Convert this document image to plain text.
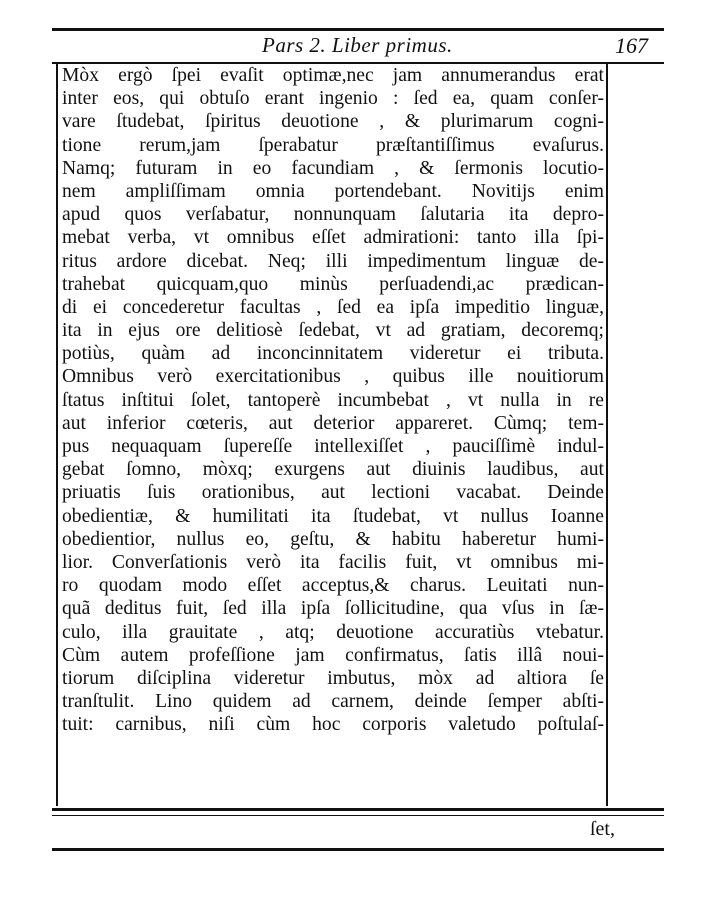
Pars 2. Liber primus.	167
Mòx ergò ſpei evaſit optimæ,nec jam annumerandus erat
inter eos, qui obtuſo erant ingenio : ſed ea, quam conſer-
vare ſtudebat, ſpiritus deuotione , & plurimarum cogni-
tione rerum,jam ſperabatur præſtantiſſimus evaſurus.
Namq; futuram in eo facundiam , & ſermonis locutio-
nem ampliſſimam omnia portendebant. Novitijs enim
apud quos verſabatur, nonnunquam ſalutaria ita depro-
mebat verba, vt omnibus eſſet admirationi: tanto illa ſpi-
ritus ardore dicebat. Neq; illi impedimentum linguæ de-
trahebat quicquam,quo minùs perſuadendi,ac prædican-
di ei concederetur facultas , ſed ea ipſa impeditio linguæ,
ita in ejus ore delitiosè ſedebat, vt ad gratiam, decoremq;
potiùs, quàm ad inconcinnitatem videretur ei tributa.
Omnibus verò exercitationibus , quibus ille nouitiorum
ſtatus inſtitui ſolet, tantoperè incumbebat , vt nulla in re
aut inferior cœteris, aut deterior appareret. Cùmq; tem-
pus nequaquam ſupereſſe intellexiſſet , pauciſſimè indul-
gebat ſomno, mòxq; exurgens aut diuinis laudibus, aut
priuatis ſuis orationibus, aut lectioni vacabat. Deinde
obedientiæ, & humilitati ita ſtudebat, vt nullus Ioanne
obedientior, nullus eo, geſtu, & habitu haberetur humi-
lior. Converſationis verò ita facilis fuit, vt omnibus mi-
ro quodam modo eſſet acceptus,& charus. Leuitati nun-
quã deditus fuit, ſed illa ipſa ſollicitudine, qua vſus in ſæ-
culo, illa grauitate , atq; deuotione accuratiùs vtebatur.
Cùm autem profeſſione jam confirmatus, ſatis illâ noui-
tiorum diſciplina videretur imbutus, mòx ad altiora ſe
tranſtulit. Lino quidem ad carnem, deinde ſemper abſti-
tuit: carnibus, niſi cùm hoc corporis valetudo poſtulaſ-
ſet,
